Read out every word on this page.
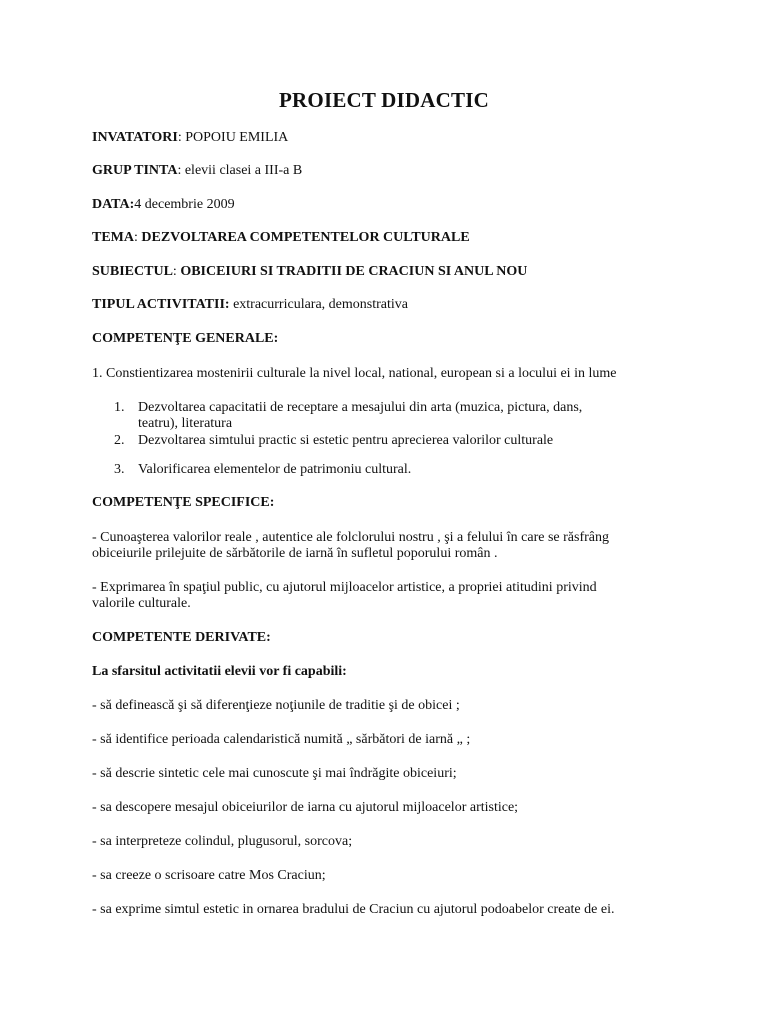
PROIECT DIDACTIC
INVATATORI: POPOIU EMILIA
GRUP TINTA: elevii clasei a III-a B
DATA:4 decembrie 2009
TEMA: DEZVOLTAREA COMPETENTELOR CULTURALE
SUBIECTUL: OBICEIURI SI TRADITII DE CRACIUN SI ANUL NOU
TIPUL ACTIVITATII: extracurriculara, demonstrativa
COMPETENŢE GENERALE:
1. Constientizarea mostenirii culturale la nivel local, national, european si a locului ei in lume
1. Dezvoltarea capacitatii de receptare a mesajului din arta (muzica, pictura, dans,
teatru), literatura
2. Dezvoltarea simtului practic si estetic pentru aprecierea valorilor culturale
3. Valorificarea elementelor de patrimoniu cultural.
COMPETENŢE SPECIFICE:
- Cunoaşterea valorilor reale , autentice ale folclorului nostru , şi a felului în care se răsfrâng
obiceiurile prilejuite de sărbătorile de iarnă în sufletul poporului român .
- Exprimarea în spaţiul public, cu ajutorul mijloacelor artistice, a propriei atitudini privind
valorile culturale.
COMPETENTE DERIVATE:
La sfarsitul activitatii elevii vor fi capabili:
- să definească şi să diferenţieze noţiunile de traditie şi de obicei ;
- să identifice perioada calendaristică numită „ sărbători de iarnă „ ;
- să descrie sintetic cele mai cunoscute şi mai îndrăgite obiceiuri;
- sa descopere mesajul obiceiurilor de iarna cu ajutorul mijloacelor artistice;
- sa interpreteze colindul, plugusorul, sorcova;
- sa creeze o scrisoare catre Mos Craciun;
- sa exprime simtul estetic in ornarea bradului de Craciun cu ajutorul podoabelor create de ei.
